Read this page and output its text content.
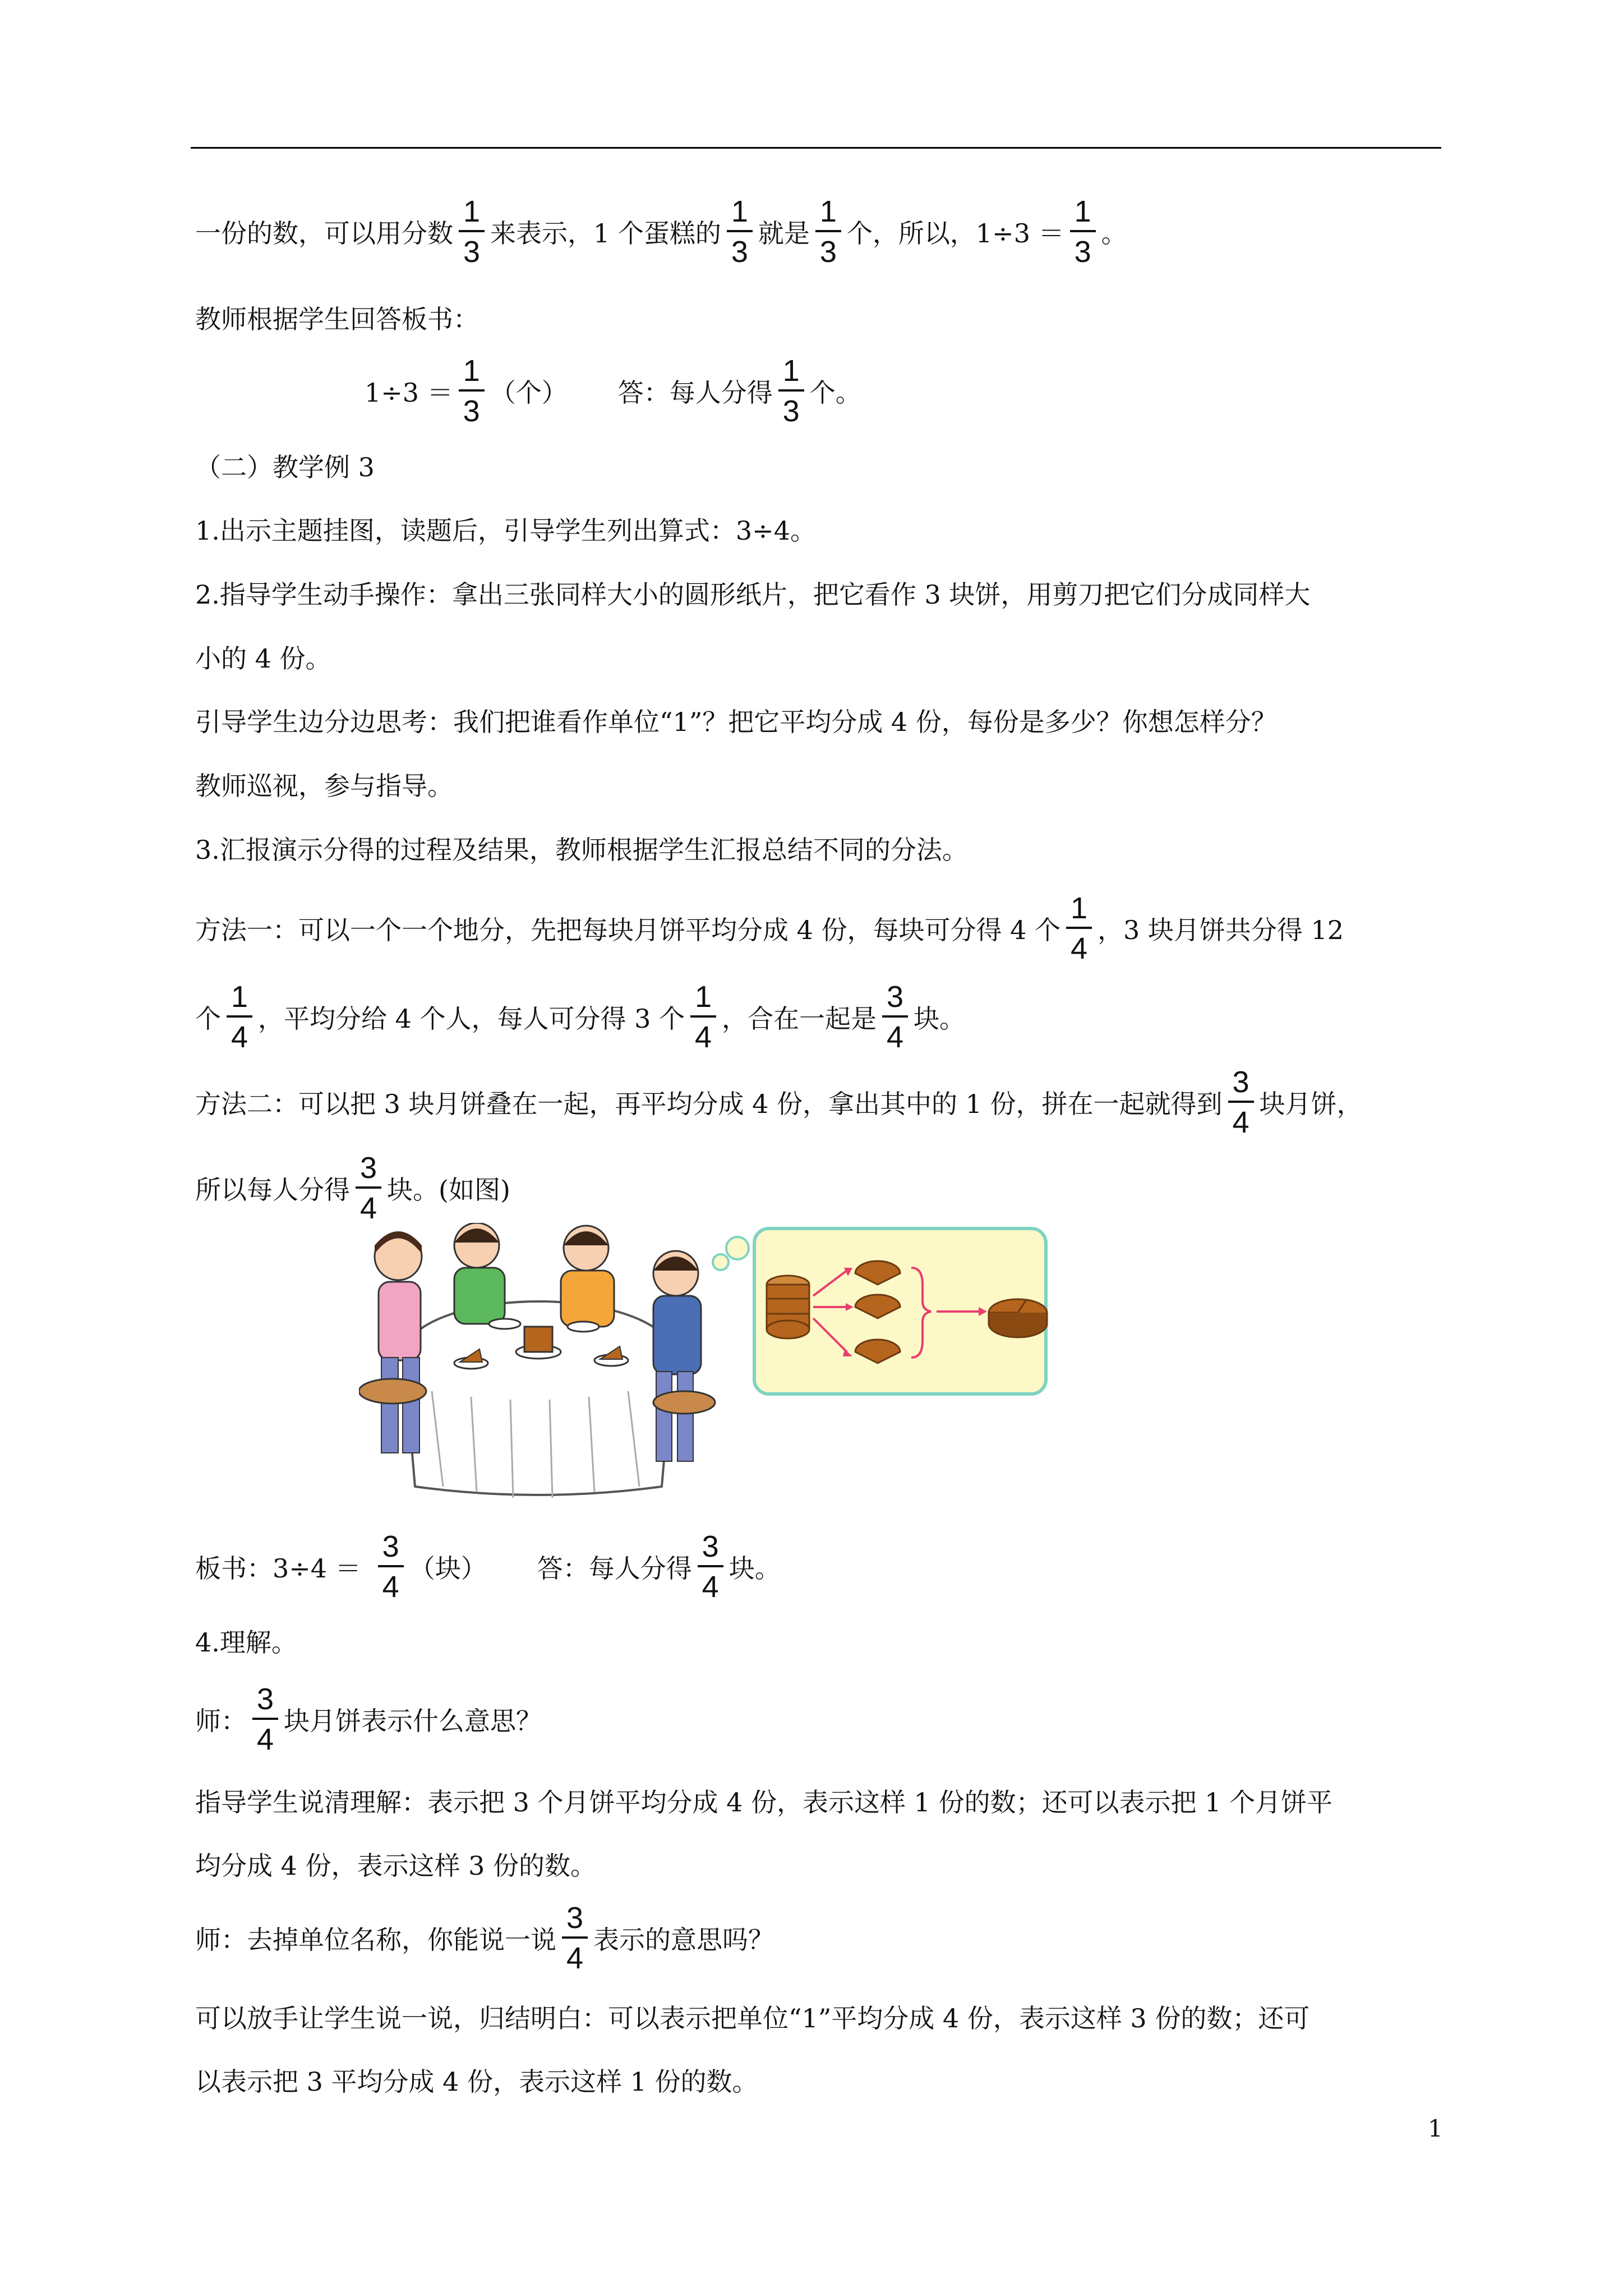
一份的数，可以用分数 $\frac{1}{3}$ 来表示，1 个蛋糕的 $\frac{1}{3}$ 就是 $\frac{1}{3}$ 个，所以，$1\div 3 = \frac{1}{3}$ 。
教师根据学生回答板书：
$1\div 3 = \frac{1}{3}$ （个） 答：每人分得 $\frac{1}{3}$ 个。
（二）教学例 3
1.出示主题挂图，读题后，引导学生列出算式：3÷4。
2.指导学生动手操作：拿出三张同样大小的圆形纸片，把它看作 3 块饼，用剪刀把它们分成同样大
小的 4 份。
引导学生边分边思考：我们把谁看作单位“1”？把它平均分成 4 份，每份是多少？你想怎样分？
教师巡视，参与指导。
3.汇报演示分得的过程及结果，教师根据学生汇报总结不同的分法。
方法一：可以一个一个地分，先把每块月饼平均分成 4 份，每块可分得 4 个 $\frac{1}{4}$ ，3 块月饼共分得 12
个 $\frac{1}{4}$ ，平均分给 4 个人，每人可分得 3 个 $\frac{1}{4}$ ，合在一起是 $\frac{3}{4}$ 块。
方法二：可以把 3 块月饼叠在一起，再平均分成 4 份，拿出其中的 1 份，拼在一起就得到 $\frac{3}{4}$ 块月饼，
所以每人分得 $\frac{3}{4}$ 块。(如图)
板书：$3\div 4 = \frac{3}{4}$ （块） 答：每人分得 $\frac{3}{4}$ 块。
4.理解。
师： $\frac{3}{4}$ 块月饼表示什么意思？
指导学生说清理解：表示把 3 个月饼平均分成 4 份，表示这样 1 份的数；还可以表示把 1 个月饼平
均分成 4 份，表示这样 3 份的数。
师：去掉单位名称，你能说一说 $\frac{3}{4}$ 表示的意思吗？
可以放手让学生说一说，归结明白：可以表示把单位“1”平均分成 4 份，表示这样 3 份的数；还可
以表示把 3 平均分成 4 份，表示这样 1 份的数。
1
